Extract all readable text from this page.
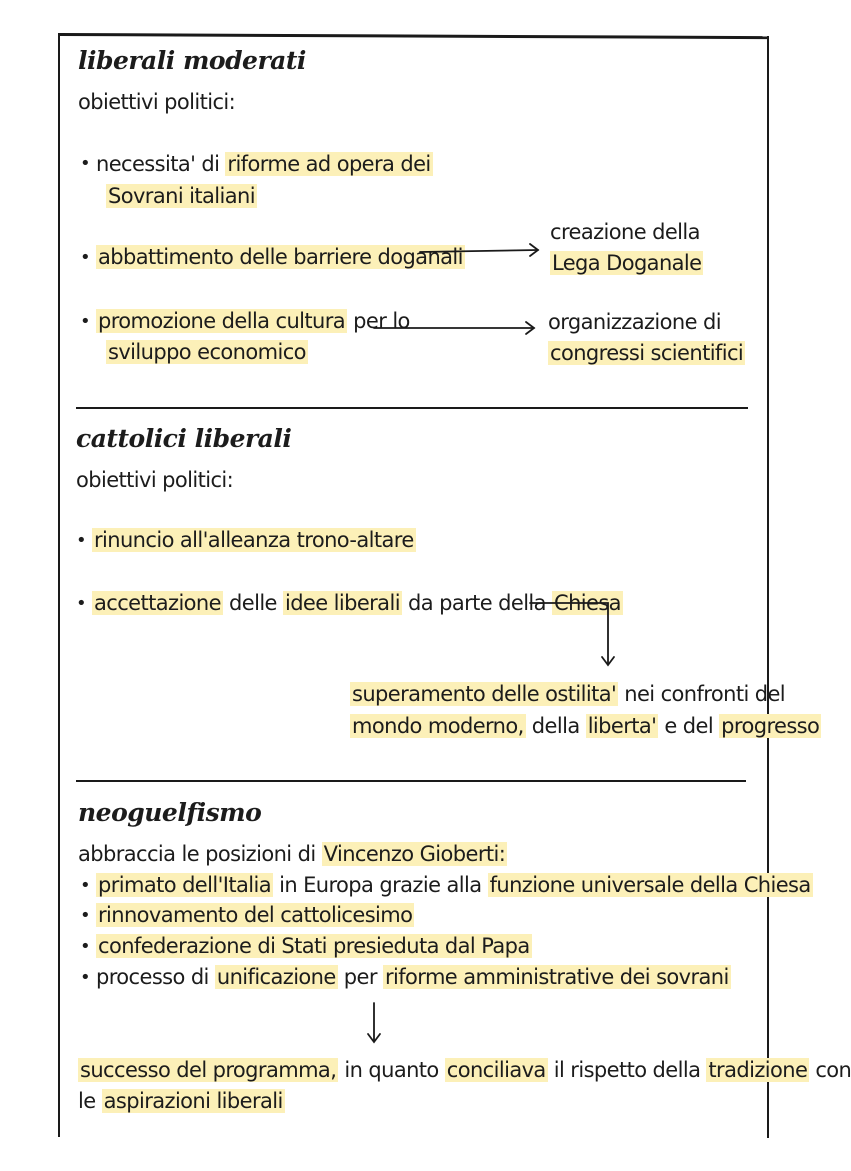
liberali moderati
obiettivi politici:
• necessita' di riforme ad opera dei
Sovrani italiani
• abbattimento delle barriere doganali
creazione della
Lega Doganale
• promozione della cultura per lo
sviluppo economico
organizzazione di
congressi scientifici
cattolici liberali
obiettivi politici:
• rinuncio all'alleanza trono-altare
• accettazione delle idee liberali da parte della Chiesa
superamento delle ostilita' nei confronti del
mondo moderno, della liberta' e del progresso
neoguelfismo
abbraccia le posizioni di Vincenzo Gioberti:
• primato dell'Italia in Europa grazie alla funzione universale della Chiesa
• rinnovamento del cattolicesimo
• confederazione di Stati presieduta dal Papa
• processo di unificazione per riforme amministrative dei sovrani
successo del programma, in quanto conciliava il rispetto della tradizione con
le aspirazioni liberali
